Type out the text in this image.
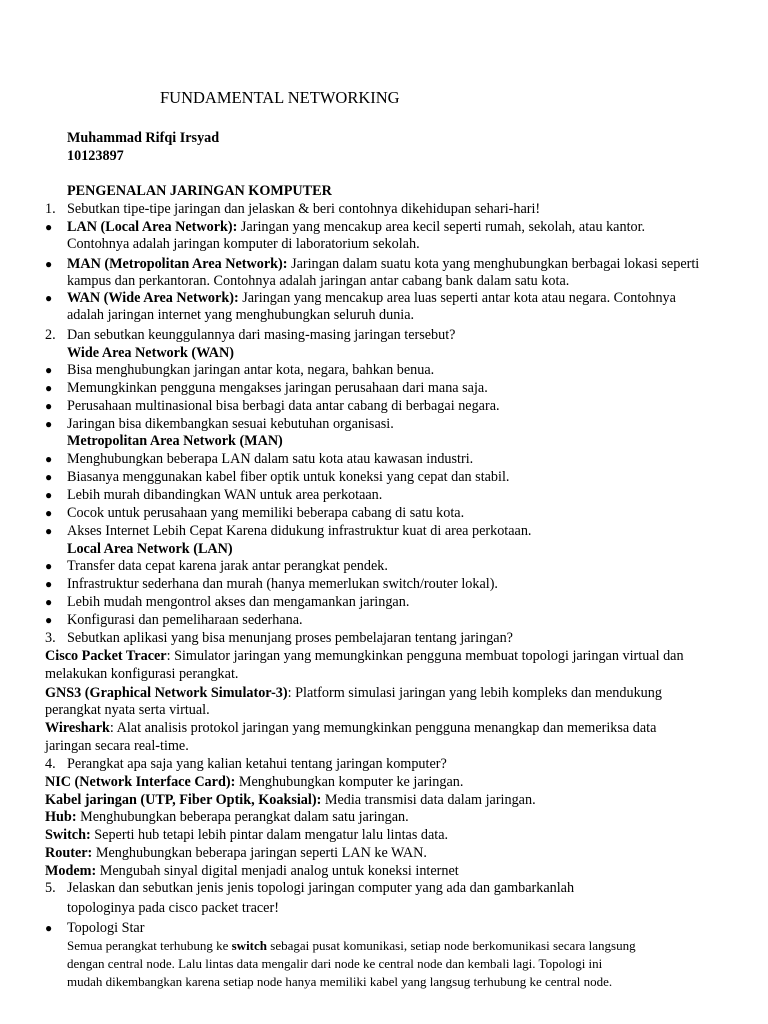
FUNDAMENTAL NETWORKING
Muhammad Rifqi Irsyad
10123897
PENGENALAN JARINGAN KOMPUTER
1. Sebutkan tipe-tipe jaringan dan jelaskan & beri contohnya dikehidupan sehari-hari!
●	LAN (Local Area Network): Jaringan yang mencakup area kecil seperti rumah, sekolah, atau kantor.
Contohnya adalah jaringan komputer di laboratorium sekolah.
●	MAN (Metropolitan Area Network): Jaringan dalam suatu kota yang menghubungkan berbagai lokasi seperti
kampus dan perkantoran. Contohnya adalah jaringan antar cabang bank dalam satu kota.
●	WAN (Wide Area Network): Jaringan yang mencakup area luas seperti antar kota atau negara. Contohnya
adalah jaringan internet yang menghubungkan seluruh dunia.
2. Dan sebutkan keunggulannya dari masing-masing jaringan tersebut?
Wide Area Network (WAN)
●	Bisa menghubungkan jaringan antar kota, negara, bahkan benua.
●	Memungkinkan pengguna mengakses jaringan perusahaan dari mana saja.
●	Perusahaan multinasional bisa berbagi data antar cabang di berbagai negara.
●	Jaringan bisa dikembangkan sesuai kebutuhan organisasi.
Metropolitan Area Network (MAN)
●	Menghubungkan beberapa LAN dalam satu kota atau kawasan industri.
●	Biasanya menggunakan kabel fiber optik untuk koneksi yang cepat dan stabil.
●	Lebih murah dibandingkan WAN untuk area perkotaan.
●	Cocok untuk perusahaan yang memiliki beberapa cabang di satu kota.
●	Akses Internet Lebih Cepat Karena didukung infrastruktur kuat di area perkotaan.
Local Area Network (LAN)
●	Transfer data cepat karena jarak antar perangkat pendek.
●	Infrastruktur sederhana dan murah (hanya memerlukan switch/router lokal).
●	Lebih mudah mengontrol akses dan mengamankan jaringan.
●	Konfigurasi dan pemeliharaan sederhana.
3. Sebutkan aplikasi yang bisa menunjang proses pembelajaran tentang jaringan?
Cisco Packet Tracer: Simulator jaringan yang memungkinkan pengguna membuat topologi jaringan virtual dan
melakukan konfigurasi perangkat.
GNS3 (Graphical Network Simulator-3): Platform simulasi jaringan yang lebih kompleks dan mendukung
perangkat nyata serta virtual.
Wireshark: Alat analisis protokol jaringan yang memungkinkan pengguna menangkap dan memeriksa data
jaringan secara real-time.
4. Perangkat apa saja yang kalian ketahui tentang jaringan komputer?
NIC (Network Interface Card): Menghubungkan komputer ke jaringan.
Kabel jaringan (UTP, Fiber Optik, Koaksial): Media transmisi data dalam jaringan.
Hub: Menghubungkan beberapa perangkat dalam satu jaringan.
Switch: Seperti hub tetapi lebih pintar dalam mengatur lalu lintas data.
Router: Menghubungkan beberapa jaringan seperti LAN ke WAN.
Modem: Mengubah sinyal digital menjadi analog untuk koneksi internet
5. Jelaskan dan sebutkan jenis jenis topologi jaringan computer yang ada dan gambarkanlah
topologinya pada cisco packet tracer!
●	Topologi Star
Semua perangkat terhubung ke switch sebagai pusat komunikasi, setiap node berkomunikasi secara langsung
dengan central node. Lalu lintas data mengalir dari node ke central node dan kembali lagi. Topologi ini
mudah dikembangkan karena setiap node hanya memiliki kabel yang langsug terhubung ke central node.
